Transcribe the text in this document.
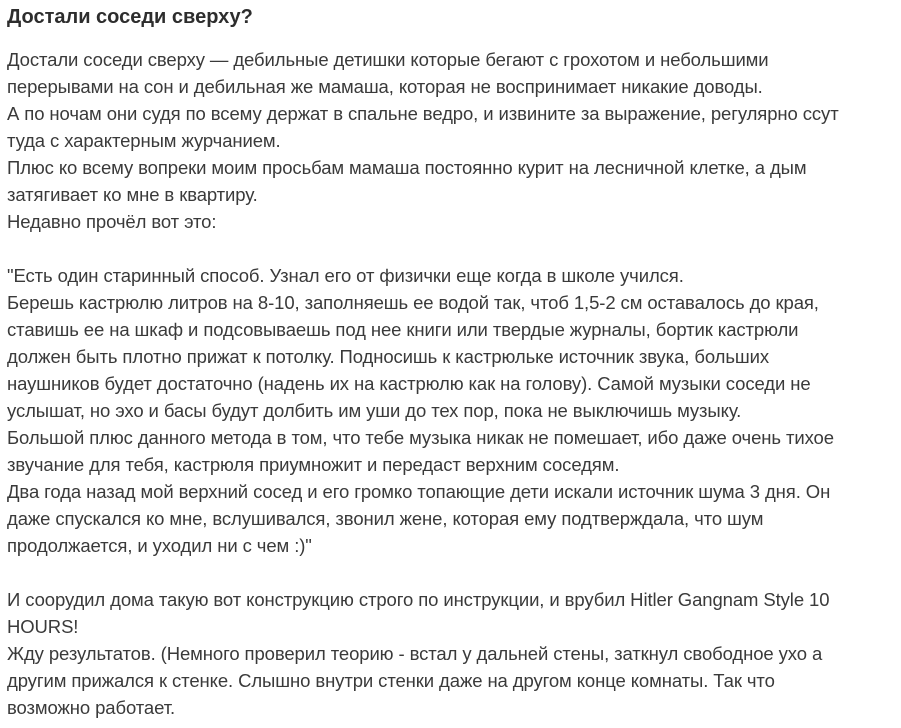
Достали соседи сверху?
Достали соседи сверху — дебильные детишки которые бегают с грохотом и небольшими
перерывами на сон и дебильная же мамаша, которая не воспринимает никакие доводы.
А по ночам они судя по всему держат в спальне ведро, и извините за выражение, регулярно ссут
туда с характерным журчанием.
Плюс ко всему вопреки моим просьбам мамаша постоянно курит на лесничной клетке, а дым
затягивает ко мне в квартиру.
Недавно прочёл вот это:
"Есть один старинный способ. Узнал его от физички еще когда в школе учился.
Берешь кастрюлю литров на 8-10, заполняешь ее водой так, чтоб 1,5-2 см оставалось до края,
ставишь ее на шкаф и подсовываешь под нее книги или твердые журналы, бортик кастрюли
должен быть плотно прижат к потолку. Подносишь к кастрюльке источник звука, больших
наушников будет достаточно (надень их на кастрюлю как на голову). Самой музыки соседи не
услышат, но эхо и басы будут долбить им уши до тех пор, пока не выключишь музыку.
Большой плюс данного метода в том, что тебе музыка никак не помешает, ибо даже очень тихое
звучание для тебя, кастрюля приумножит и передаст верхним соседям.
Два года назад мой верхний сосед и его громко топающие дети искали источник шума 3 дня. Он
даже спускался ко мне, вслушивался, звонил жене, которая ему подтверждала, что шум
продолжается, и уходил ни с чем :)"
И соорудил дома такую вот конструкцию строго по инструкции, и врубил Hitler Gangnam Style 10
HOURS!
Жду результатов. (Немного проверил теорию - встал у дальней стены, заткнул свободное ухо а
другим прижался к стенке. Слышно внутри стенки даже на другом конце комнаты. Так что
возможно работает.
